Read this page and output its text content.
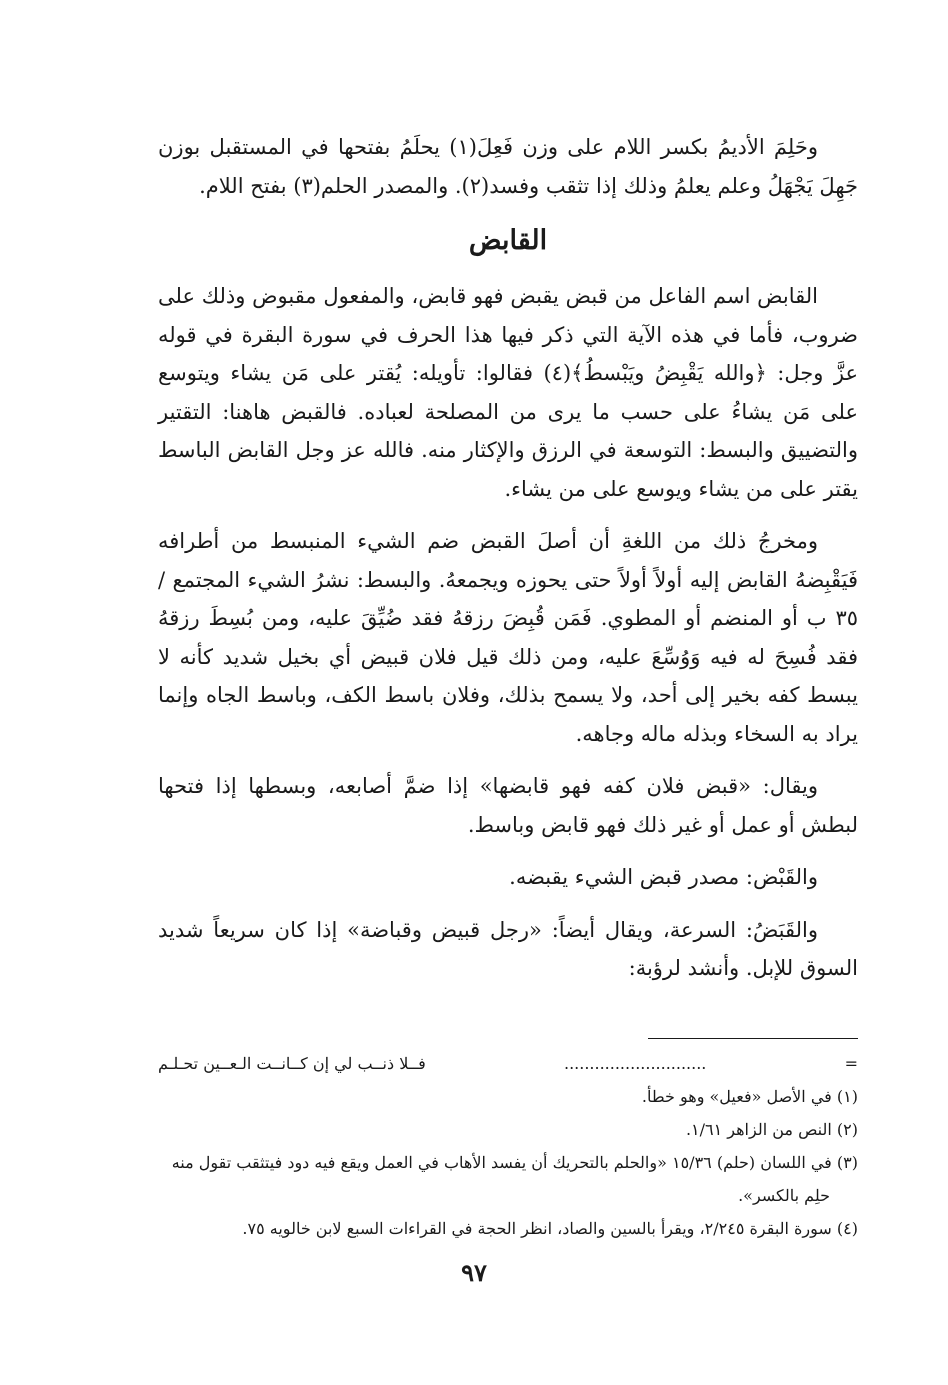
وحَلِمَ الأديمُ بكسر اللام على وزن فَعِلَ(١) يحلَمُ بفتحها في المستقبل بوزن جَهِلَ يَجْهَلُ وعلم يعلمُ وذلك إذا تثقب وفسد(٢). والمصدر الحلم(٣) بفتح اللام.

القابض

القابض اسم الفاعل من قبض يقبض فهو قابض، والمفعول مقبوض وذلك على ضروب، فأما في هذه الآية التي ذكر فيها هذا الحرف في سورة البقرة في قوله عزَّ وجل: ﴿والله يَقْبِضُ ويَبْسطُ﴾(٤) فقالوا: تأويله: يُقتر على مَن يشاء ويتوسع على مَن يشاءُ على حسب ما يرى من المصلحة لعباده. فالقبض هاهنا: التقتير والتضييق والبسط: التوسعة في الرزق والإكثار منه. فالله عز وجل القابض الباسط يقتر على من يشاء ويوسع على من يشاء.

ومخرجُ ذلك من اللغةِ أن أصلَ القبض ضم الشيء المنبسط من أطرافه فَيَقْبِضهُ القابض إليه أولاً أولاً حتى يحوزه ويجمعهُ. والبسط: نشرُ الشيء المجتمع /٣٥ ب أو المنضم أو المطوي. فَمَن قُبِضَ رزقهُ فقد ضُيِّقَ عليه، ومن بُسِطَ رزقهُ فقد فُسِحَ له فيه وَوُسِّعَ عليه، ومن ذلك قيل فلان قبيض أي بخيل شديد كأنه لا يبسط كفه بخير إلى أحد، ولا يسمح بذلك، وفلان باسط الكف، وباسط الجاه وإنما يراد به السخاء وبذله ماله وجاهه.

ويقال: «قبض فلان كفه فهو قابضها» إذا ضمَّ أصابعه، وبسطها إذا فتحها لبطش أو عمل أو غير ذلك فهو قابض وباسط.

والقَبْض: مصدر قبض الشيء يقبضه.

والقَبَضُ: السرعة، ويقال أيضاً: «رجل قبيض وقباضة» إذا كان سريعاً شديد السوق للإبل. وأنشد لرؤبة:

=
............................
فــلا ذنــب لي إن كــانــت الـعــين تحـلـم

(١) في الأصل «فعيل» وهو خطأ.

(٢) النص من الزاهر ١/٦١.

(٣) في اللسان (حلم) ١٥/٣٦ «والحلم بالتحريك أن يفسد الأهاب في العمل ويقع فيه دود فيتثقب تقول منه حلِم بالكسر».

(٤) سورة البقرة ٢/٢٤٥، ويقرأ بالسين والصاد، انظر الحجة في القراءات السبع لابن خالويه ٧٥.

٩٧
